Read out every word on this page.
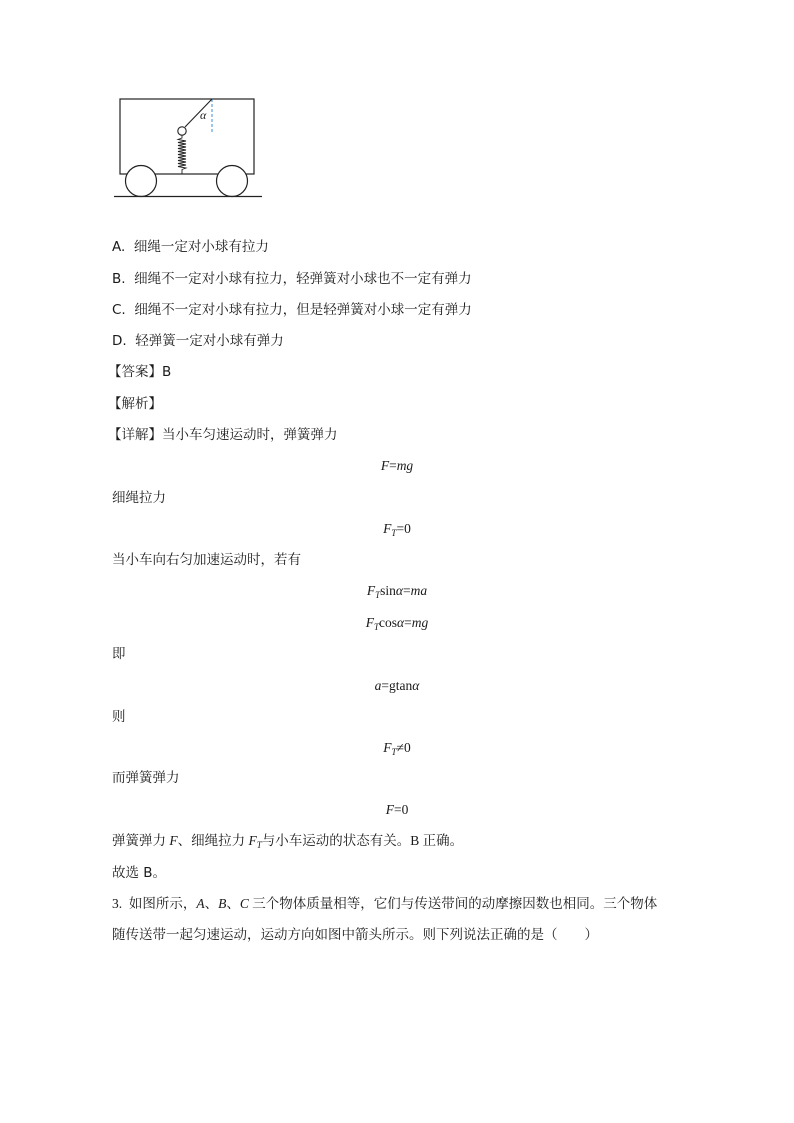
α
A. 细绳一定对小球有拉力
B. 细绳不一定对小球有拉力，轻弹簧对小球也不一定有弹力
C. 细绳不一定对小球有拉力，但是轻弹簧对小球一定有弹力
D. 轻弹簧一定对小球有弹力
【答案】B
【解析】
【详解】当小车匀速运动时，弹簧弹力
F=mg
细绳拉力
$F_T=0$
当小车向右匀加速运动时，若有
$F_T\sin\alpha=ma$
$F_T\cos\alpha=mg$
即
a=gtanα
则
$F_T\ne 0$
而弹簧弹力
F=0
弹簧弹力 F、细绳拉力 $F_T$与小车运动的状态有关。B 正确。
故选 B。
3. 如图所示，A、B、C 三个物体质量相等，它们与传送带间的动摩擦因数也相同。三个物体
随传送带一起匀速运动，运动方向如图中箭头所示。则下列说法正确的是（　　）
